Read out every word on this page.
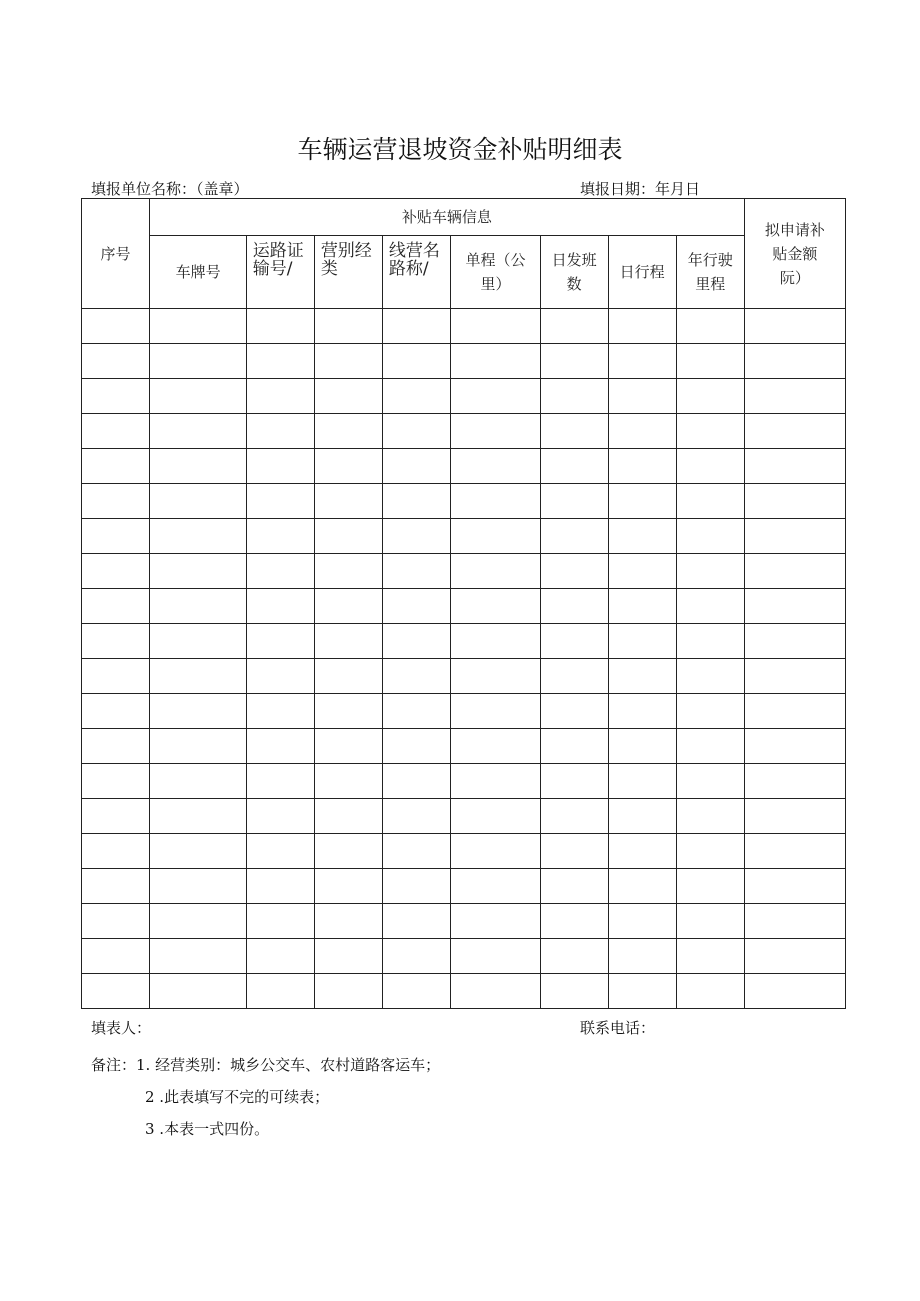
车辆运营退坡资金补贴明细表
填报单位名称：（盖章）	填报日期：年月日
序号	补贴车辆信息								拟申请补贴金额阮）
	车牌号	运路证输号/	营别经类	线营名路称/	单程（公里）	日发班数	日行程	年行驶里程	

填表人：	联系电话：
备注：1. 经营类别：城乡公交车、农村道路客运车；
2 .此表填写不完的可续表；
3 .本表一式四份。
